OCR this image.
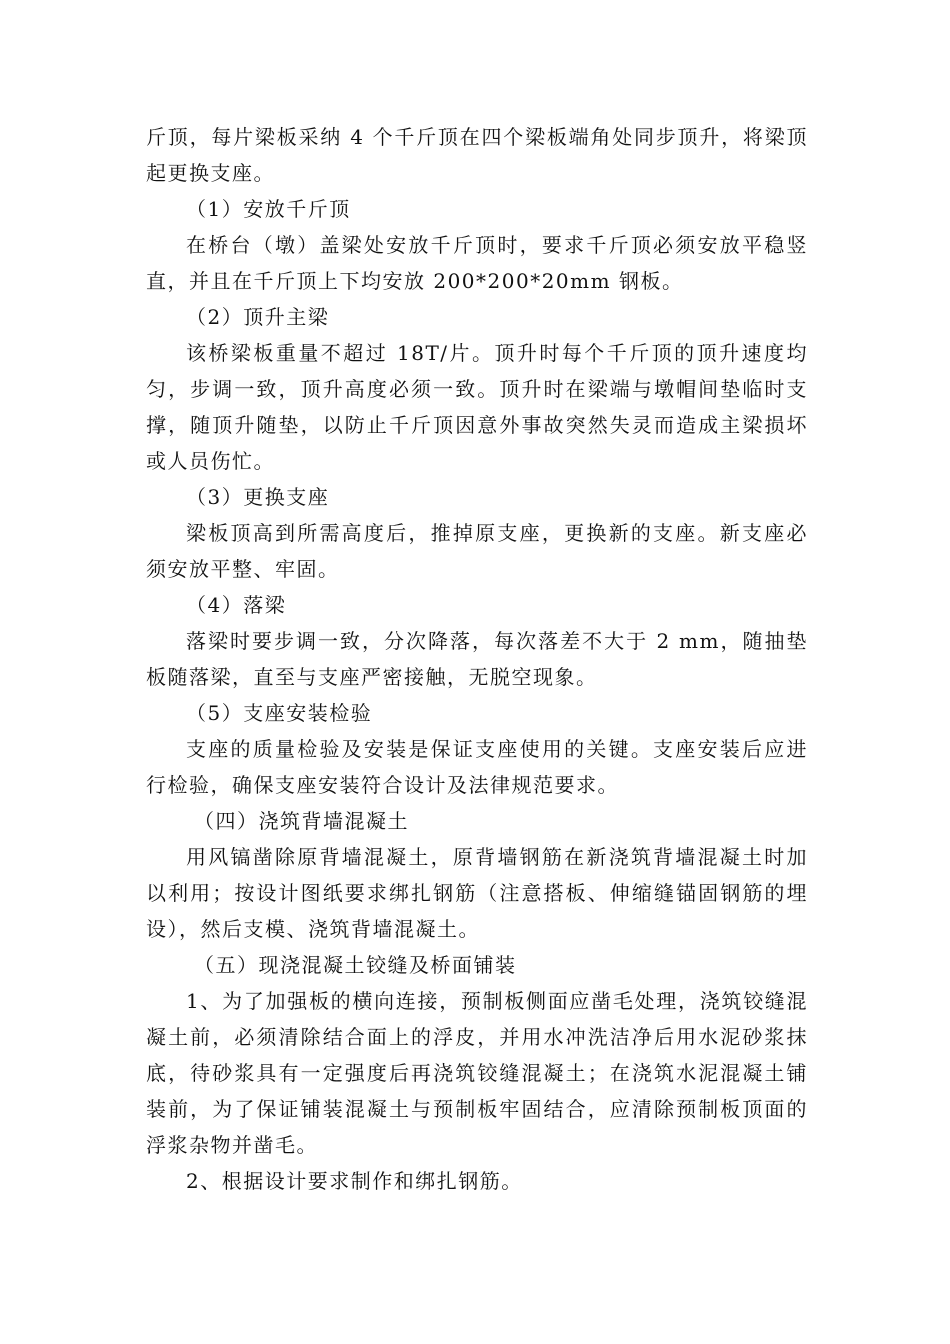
斤顶，每片梁板采纳 4 个千斤顶在四个梁板端角处同步顶升，将梁顶起更换支座。

（1）安放千斤顶

在桥台（墩）盖梁处安放千斤顶时，要求千斤顶必须安放平稳竖直，并且在千斤顶上下均安放 200*200*20mm 钢板。

（2）顶升主梁

该桥梁板重量不超过 18T/片。顶升时每个千斤顶的顶升速度均匀，步调一致，顶升高度必须一致。顶升时在梁端与墩帽间垫临时支撑，随顶升随垫，以防止千斤顶因意外事故突然失灵而造成主梁损坏或人员伤忙。

（3）更换支座

梁板顶高到所需高度后，推掉原支座，更换新的支座。新支座必须安放平整、牢固。

（4）落梁

落梁时要步调一致，分次降落，每次落差不大于 2 mm，随抽垫板随落梁，直至与支座严密接触，无脱空现象。

（5）支座安装检验

支座的质量检验及安装是保证支座使用的关键。支座安装后应进行检验，确保支座安装符合设计及法律规范要求。

（四）浇筑背墙混凝土

用风镐凿除原背墙混凝土，原背墙钢筋在新浇筑背墙混凝土时加以利用；按设计图纸要求绑扎钢筋（注意搭板、伸缩缝锚固钢筋的埋设），然后支模、浇筑背墙混凝土。

（五）现浇混凝土铰缝及桥面铺装

1、为了加强板的横向连接，预制板侧面应凿毛处理，浇筑铰缝混凝土前，必须清除结合面上的浮皮，并用水冲洗洁净后用水泥砂浆抹底，待砂浆具有一定强度后再浇筑铰缝混凝土；在浇筑水泥混凝土铺装前，为了保证铺装混凝土与预制板牢固结合，应清除预制板顶面的浮浆杂物并凿毛。

2、根据设计要求制作和绑扎钢筋。
